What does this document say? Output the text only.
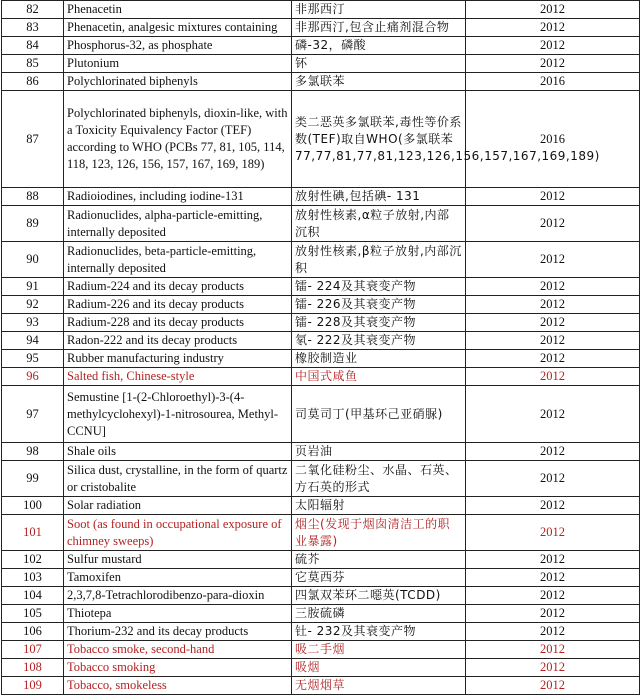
82	Phenacetin	非那西汀	2012
83	Phenacetin, analgesic mixtures containing	非那西汀,包含止痛剂混合物	2012
84	Phosphorus-32, as phosphate	磷-32，磷酸	2012
85	Plutonium	钚	2012
86	Polychlorinated biphenyls	多氯联苯	2016
87	Polychlorinated biphenyls, dioxin-like, with a Toxicity Equivalency Factor (TEF) according to WHO (PCBs 77, 81, 105, 114, 118, 123, 126, 156, 157, 167, 169, 189)	类二恶英多氯联苯,毒性等价系数(TEF)取自WHO(多氯联苯77,77,81,77,81,123,126,156,157,167,169,189)	2016
88	Radioiodines, including iodine-131	放射性碘,包括碘- 131	2012
89	Radionuclides, alpha-particle-emitting, internally deposited	放射性核素,α粒子放射,内部沉积	2012
90	Radionuclides, beta-particle-emitting, internally deposited	放射性核素,β粒子放射,内部沉积	2012
91	Radium-224 and its decay products	镭- 224及其衰变产物	2012
92	Radium-226 and its decay products	镭- 226及其衰变产物	2012
93	Radium-228 and its decay products	镭- 228及其衰变产物	2012
94	Radon-222 and its decay products	氡- 222及其衰变产物	2012
95	Rubber manufacturing industry	橡胶制造业	2012
96	Salted fish, Chinese-style	中国式咸鱼	2012
97	Semustine [1-(2-Chloroethyl)-3-(4-methylcyclohexyl)-1-nitrosourea, Methyl-CCNU]	司莫司丁(甲基环己亚硝脲)	2012
98	Shale oils	页岩油	2012
99	Silica dust, crystalline, in the form of quartz or cristobalite	二氧化硅粉尘、水晶、石英、方石英的形式	2012
100	Solar radiation	太阳辐射	2012
101	Soot (as found in occupational exposure of chimney sweeps)	烟尘(发现于烟囱清洁工的职业暴露)	2012
102	Sulfur mustard	硫芥	2012
103	Tamoxifen	它莫西芬	2012
104	2,3,7,8-Tetrachlorodibenzo-para-dioxin	四氯双苯环二噁英(TCDD)	2012
105	Thiotepa	三胺硫磷	2012
106	Thorium-232 and its decay products	钍- 232及其衰变产物	2012
107	Tobacco smoke, second-hand	吸二手烟	2012
108	Tobacco smoking	吸烟	2012
109	Tobacco, smokeless	无烟烟草	2012
